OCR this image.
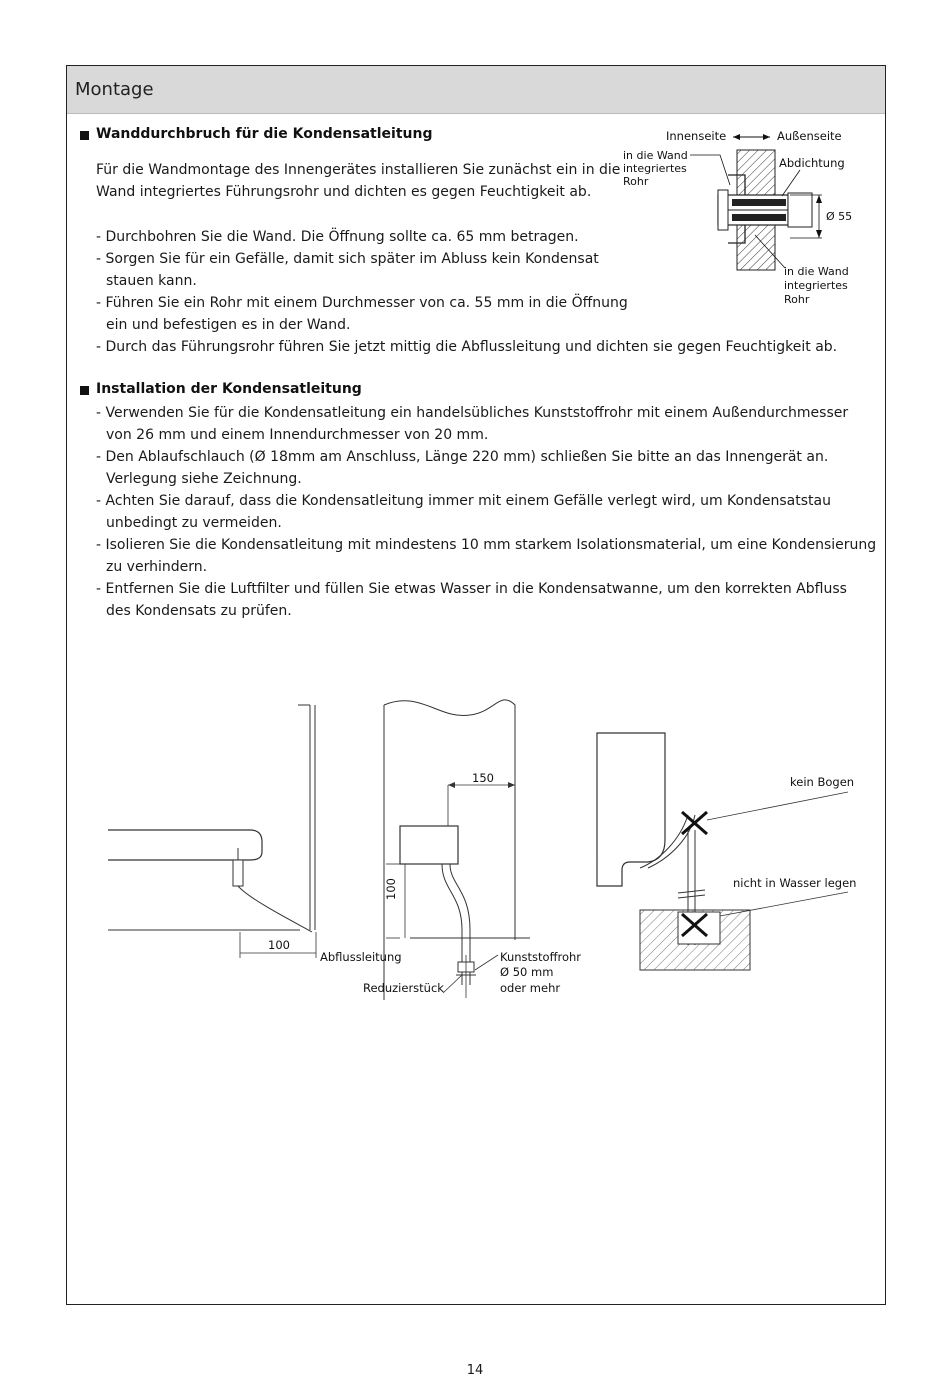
Montage
Wanddurchbruch für die Kondensatleitung
Für die Wandmontage des Innengerätes installieren Sie zunächst ein in die
Wand integriertes Führungsrohr und dichten es gegen Feuchtigkeit ab.
- Durchbohren Sie die Wand. Die Öffnung sollte ca. 65 mm betragen.
- Sorgen Sie für ein Gefälle, damit sich später im Abluss kein Kondensat
stauen kann.
- Führen Sie ein Rohr mit einem Durchmesser von ca. 55 mm in die Öffnung
ein und befestigen es in der Wand.
- Durch das Führungsrohr führen Sie jetzt mittig die Abflussleitung und dichten sie gegen Feuchtigkeit ab.
Innenseite	Außenseite
in die Wand
integriertes
Rohr
Abdichtung
Ø 55
in die Wand
integriertes
Rohr
Installation der Kondensatleitung
- Verwenden Sie für die Kondensatleitung ein handelsübliches Kunststoffrohr mit einem Außendurchmesser
von 26 mm und einem Innendurchmesser von 20 mm.
- Den Ablaufschlauch (Ø 18mm am Anschluss, Länge 220 mm) schließen Sie bitte an das Innengerät an.
Verlegung siehe Zeichnung.
- Achten Sie darauf, dass die Kondensatleitung immer mit einem Gefälle verlegt wird, um Kondensatstau
unbedingt zu vermeiden.
- Isolieren Sie die Kondensatleitung mit mindestens 10 mm starkem Isolationsmaterial, um eine Kondensierung
zu verhindern.
- Entfernen Sie die Luftfilter und füllen Sie etwas Wasser in die Kondensatwanne, um den korrekten Abfluss
des Kondensats zu prüfen.
150
100
100
Abflussleitung
Reduzierstück
Kunststoffrohr
Ø 50 mm
oder mehr
kein Bogen
nicht in Wasser legen
14
